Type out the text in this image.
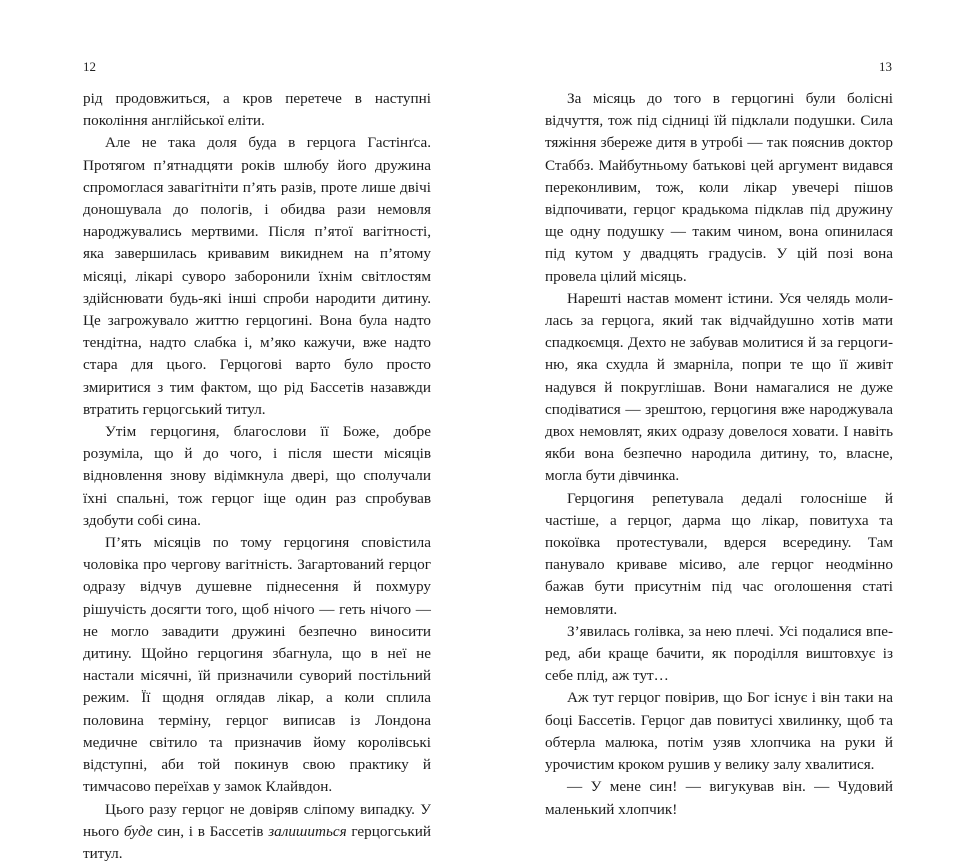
12	13

рід продовжиться, а кров перетече в наступні покоління англійської еліти.

Але не така доля буда в герцога Гастінґса. Протягом п’ятнадцяти років шлюбу його дружина спромоглася завагітніти п’ять разів, проте лише двічі доношувала до пологів, і обидва рази немовля народжувались мертвими. Після п’ятої вагітності, яка завершилась кривавим викиднем на п’ятому місяці, лікарі суворо заборонили їхнім світлостям здійснювати будь-які інші спроби народити дитину. Це загрожувало життю герцогині. Вона була надто тендітна, надто слабка і, м’яко кажучи, вже надто стара для цього. Герцогові варто було просто змиритися з тим фактом, що рід Бассетів назавжди втратить герцогський титул.

Утім герцогиня, благослови її Боже, добре розуміла, що й до чого, і після шести місяців відновлення знову відімкнула двері, що сполучали їхні спальні, тож герцог іще один раз спробував здобути собі сина.

П’ять місяців по тому герцогиня сповістила чоловіка про чергову вагітність. Загартований герцог одразу відчув душевне піднесення й похмуру рішучість досягти того, щоб нічого — геть нічого — не могло завадити дружині безпечно виносити дитину. Щойно герцогиня збагнула, що в неї не настали місячні, їй призначили суворий постільний режим. Її щодня оглядав лікар, а коли сплила половина терміну, герцог виписав із Лондона медичне світило та призначив йому королівські відступні, аби той покинув свою практику й тимчасово переїхав у замок Клайвдон.

Цього разу герцог не довіряв сліпому випадку. У нього буде син, і в Бассетів залишиться герцогський титул.

За місяць до того в герцогині були болісні відчуття, тож під сідниці їй підклали подушки. Сила тяжіння збереже дитя в утробі — так пояснив доктор Стаббз. Майбутньому батькові цей аргумент видався переконливим, тож, коли лікар увечері пішов відпочивати, герцог крадькома підклав під дружину ще одну подушку — таким чином, вона опинилася під кутом у двадцять градусів. У цій позі вона провела цілий місяць.

Нарешті настав момент істини. Уся челядь молилась за герцога, який так відчайдушно хотів мати спадкоємця. Дехто не забував молитися й за герцогиню, яка схудла й змарніла, попри те що її живіт надувся й покруглішав. Вони намагалися не дуже сподіватися — зрештою, герцогиня вже народжувала двох немовлят, яких одразу довелося ховати. І навіть якби вона безпечно народила дитину, то, власне, могла бути дівчинка.

Герцогиня репетувала дедалі голосніше й частіше, а герцог, дарма що лікар, повитуха та покоївка протестували, вдерся всередину. Там панувало криваве місиво, але герцог неодмінно бажав бути присутнім під час оголошення статі немовляти.

З’явилась голівка, за нею плечі. Усі подалися вперед, аби краще бачити, як породілля виштовхує із себе плід, аж тут…

Аж тут герцог повірив, що Бог існує і він таки на боці Бассетів. Герцог дав повитусі хвилинку, щоб та обтерла малюка, потім узяв хлопчика на руки й урочистим кроком рушив у велику залу хвалитися.

— У мене син! — вигукував він. — Чудовий маленький хлопчик!
